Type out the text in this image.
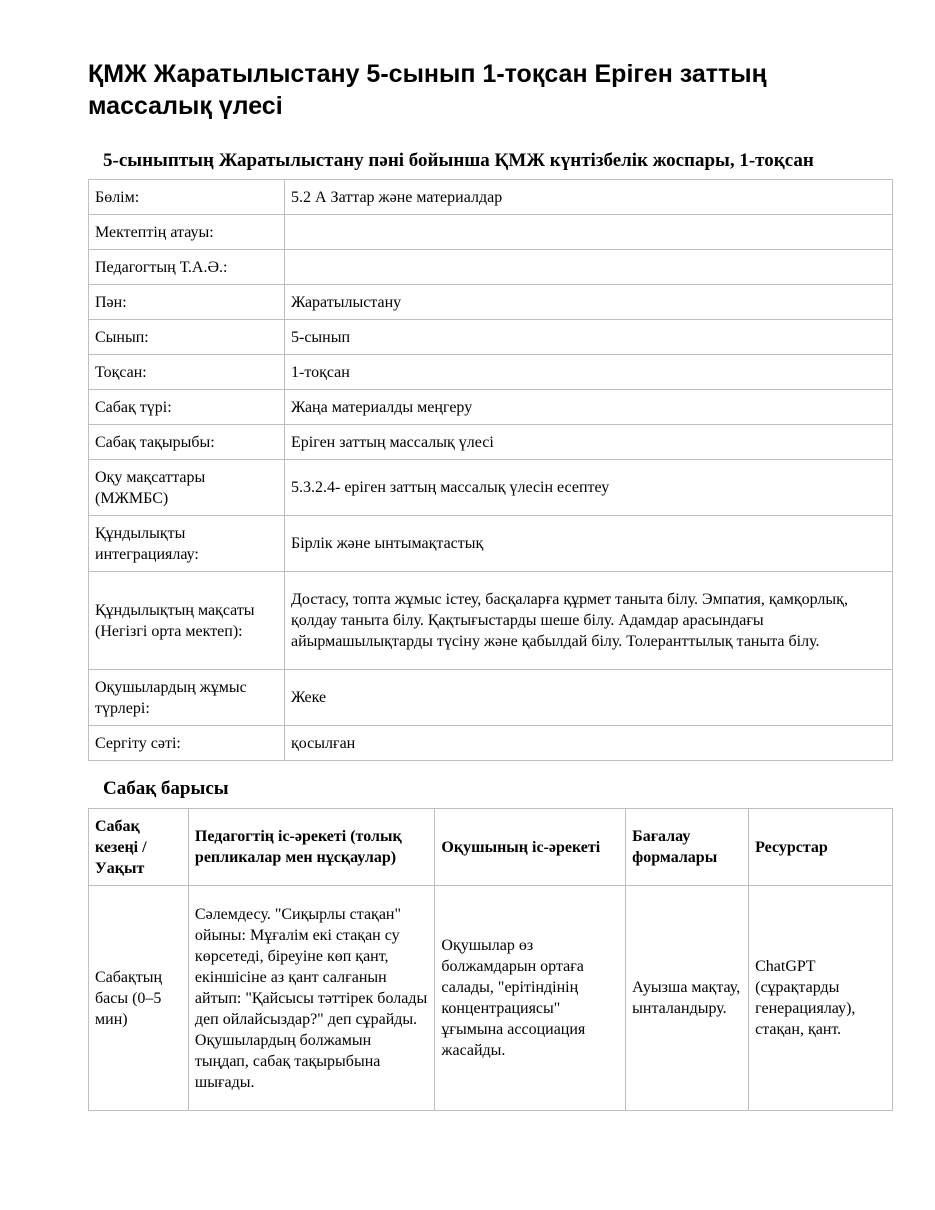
ҚМЖ Жаратылыстану 5-сынып 1-тоқсан Еріген заттың массалық үлесі
5-сыныптың Жаратылыстану пәні бойынша ҚМЖ күнтізбелік жоспары, 1-тоқсан
Бөлім:	5.2 А Заттар және материалдар
Мектептің атауы:	
Педагогтың Т.А.Ә.:	
Пән:	Жаратылыстану
Сынып:	5-сынып
Тоқсан:	1-тоқсан
Сабақ түрі:	Жаңа материалды меңгеру
Сабақ тақырыбы:	Еріген заттың массалық үлесі
Оқу мақсаттары (МЖМБС)	5.3.2.4- еріген заттың массалық үлесін есептеу
Құндылықты интеграциялау:	Бірлік және ынтымақтастық
Құндылықтың мақсаты (Негізгі орта мектеп):	Достасу, топта жұмыс істеу, басқаларға құрмет таныта білу. Эмпатия, қамқорлық, қолдау таныта білу. Қақтығыстарды шеше білу. Адамдар арасындағы айырмашылықтарды түсіну және қабылдай білу. Толеранттылық таныта білу.
Оқушылардың жұмыс түрлері:	Жеке
Сергіту сәті:	қосылған
Сабақ барысы
Сабақ кезеңі / Уақыт	Педагогтің іс-әрекеті (толық репликалар мен нұсқаулар)	Оқушының іс-әрекеті	Бағалау формалары	Ресурстар
Сабақтың басы (0–5 мин)	Сәлемдесу. "Сиқырлы стақан" ойыны: Мұғалім екі стақан су көрсетеді, біреуіне көп қант, екіншісіне аз қант салғанын айтып: "Қайсысы тәттірек болады деп ойлайсыздар?" деп сұрайды. Оқушылардың болжамын тыңдап, сабақ тақырыбына шығады.	Оқушылар өз болжамдарын ортаға салады, "ерітіндінің концентрациясы" ұғымына ассоциация жасайды.	Ауызша мақтау, ынталандыру.	ChatGPT (сұрақтарды генерациялау), стақан, қант.
